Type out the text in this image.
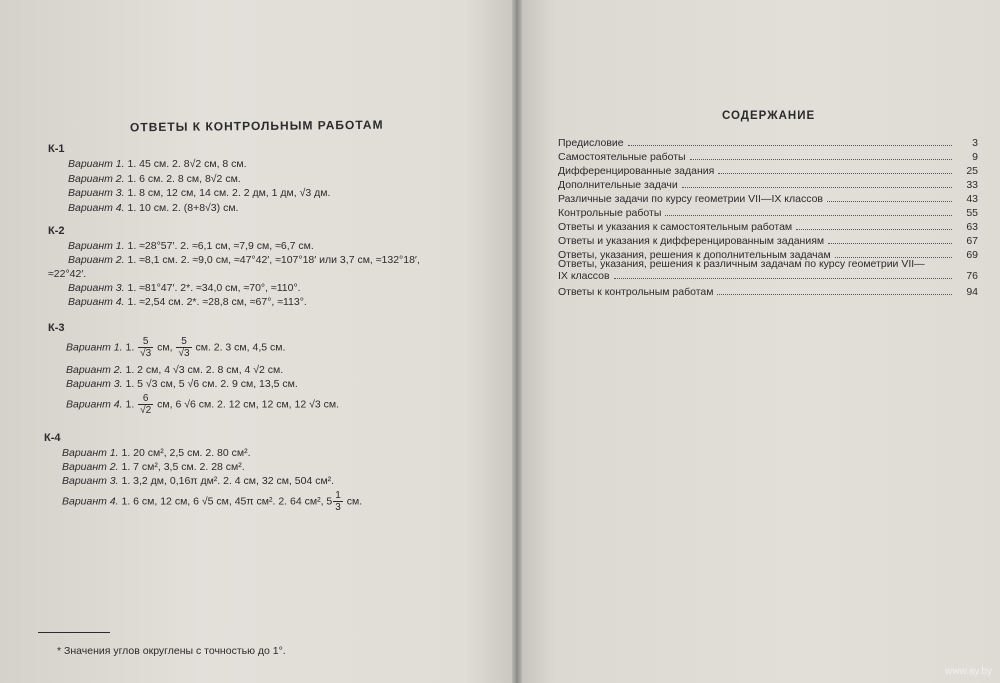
ОТВЕТЫ К КОНТРОЛЬНЫМ РАБОТАМ
К-1
Вариант 1. 1. 45 см. 2. 8√2 см, 8 см.
Вариант 2. 1. 6 см. 2. 8 см, 8√2 см.
Вариант 3. 1. 8 см, 12 см, 14 см. 2. 2 дм, 1 дм, √3 дм.
Вариант 4. 1. 10 см. 2. (8+8√3) см.
К-2
Вариант 1. 1. ≈28°57′. 2. ≈6,1 см, ≈7,9 см, ≈6,7 см.
Вариант 2. 1. ≈8,1 см. 2. ≈9,0 см, ≈47°42′, ≈107°18′ или 3,7 см, ≈132°18′,
≈22°42′.
Вариант 3. 1. ≈81°47′. 2*. ≈34,0 см, ≈70°, ≈110°.
Вариант 4. 1. ≈2,54 см. 2*. ≈28,8 см, ≈67°, ≈113°.
К-3
Вариант 1. 1. $\frac{5}{√3}$ см, $\frac{5}{√3}$ см. 2. 3 см, 4,5 см.
Вариант 2. 1. 2 см, 4 √3 см. 2. 8 см, 4 √2 см.
Вариант 3. 1. 5 √3 см, 5 √6 см. 2. 9 см, 13,5 см.
Вариант 4. 1. $\frac{6}{√2}$ см, 6 √6 см. 2. 12 см, 12 см, 12 √3 см.
К-4
Вариант 1. 1. 20 см², 2,5 см. 2. 80 см².
Вариант 2. 1. 7 см², 3,5 см. 2. 28 см².
Вариант 3. 1. 3,2 дм, 0,16π дм². 2. 4 см, 32 см, 504 см².
Вариант 4. 1. 6 см, 12 см, 6 √5 см, 45π см². 2. 64 см², $5 \frac{1}{3}$ см.
* Значения углов округлены с точностью до 1°.
СОДЕРЖАНИЕ
Предисловие	3
Самостоятельные работы	9
Дифференцированные задания	25
Дополнительные задачи	33
Различные задачи по курсу геометрии VII—IX классов	43
Контрольные работы	55
Ответы и указания к самостоятельным работам	63
Ответы и указания к дифференцированным заданиям	67
Ответы, указания, решения к дополнительным задачам	69
Ответы, указания, решения к различным задачам по курсу геометрии VII—
IX классов	76
Ответы к контрольным работам	94
www.ay.by
